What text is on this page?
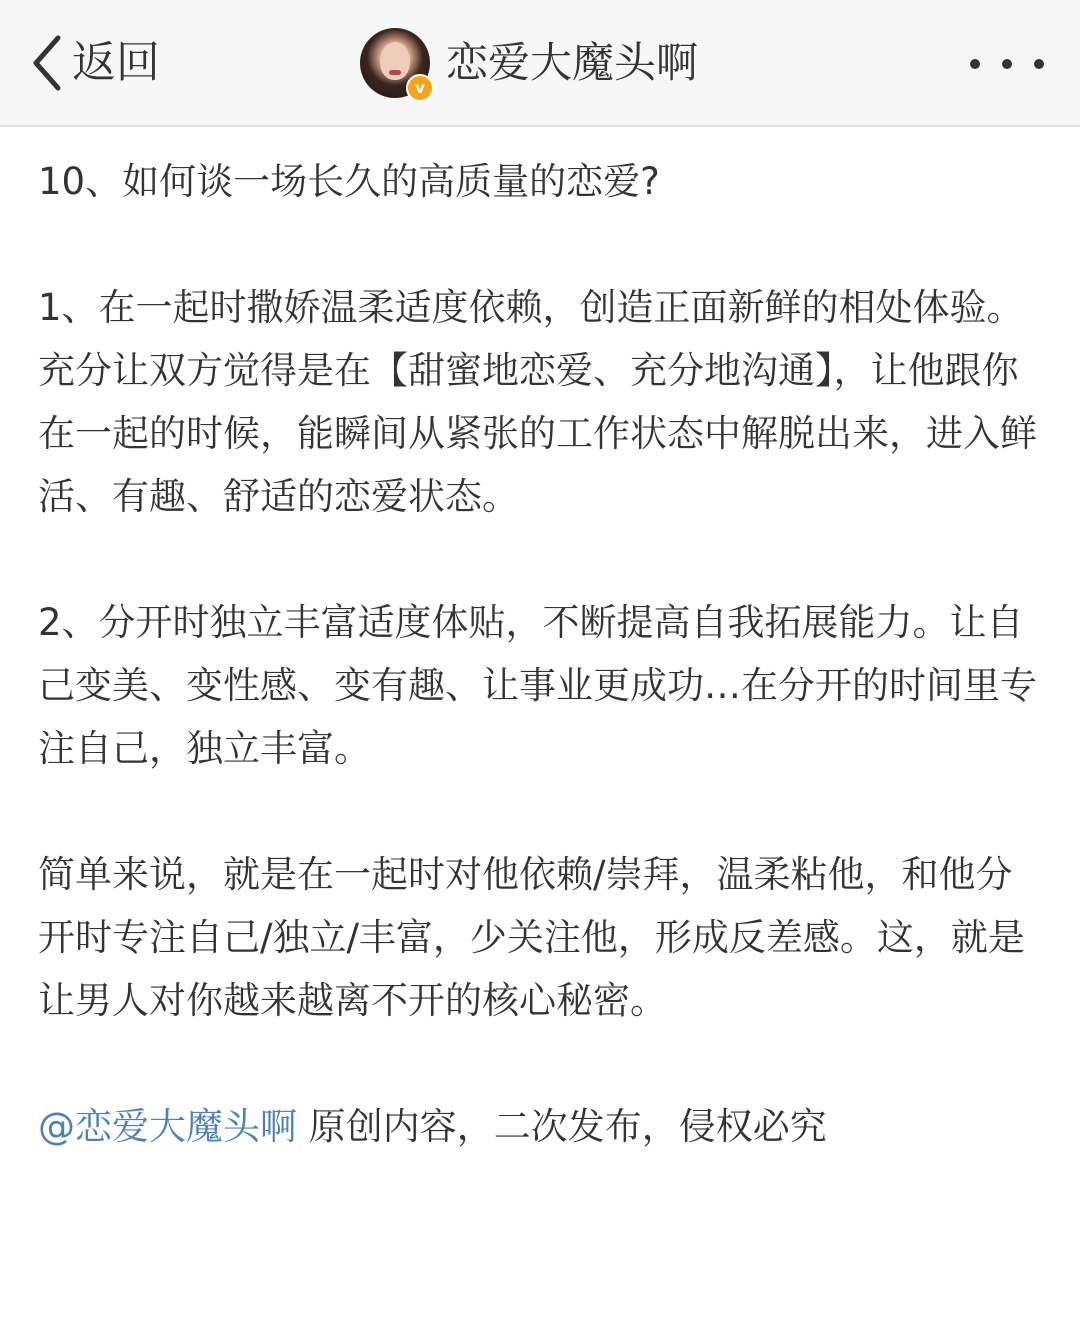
返回	v
恋爱大魔头啊

10、如何谈一场长久的高质量的恋爱?

1、在一起时撒娇温柔适度依赖，创造正面新鲜的相处体验。充分让双方觉得是在【甜蜜地恋爱、充分地沟通】，让他跟你在一起的时候，能瞬间从紧张的工作状态中解脱出来，进入鲜活、有趣、舒适的恋爱状态。

2、分开时独立丰富适度体贴，不断提高自我拓展能力。让自己变美、变性感、变有趣、让事业更成功…在分开的时间里专注自己，独立丰富。

简单来说，就是在一起时对他依赖/崇拜，温柔粘他，和他分开时专注自己/独立/丰富，少关注他，形成反差感。这，就是让男人对你越来越离不开的核心秘密。

@恋爱大魔头啊 原创内容，二次发布，侵权必究
